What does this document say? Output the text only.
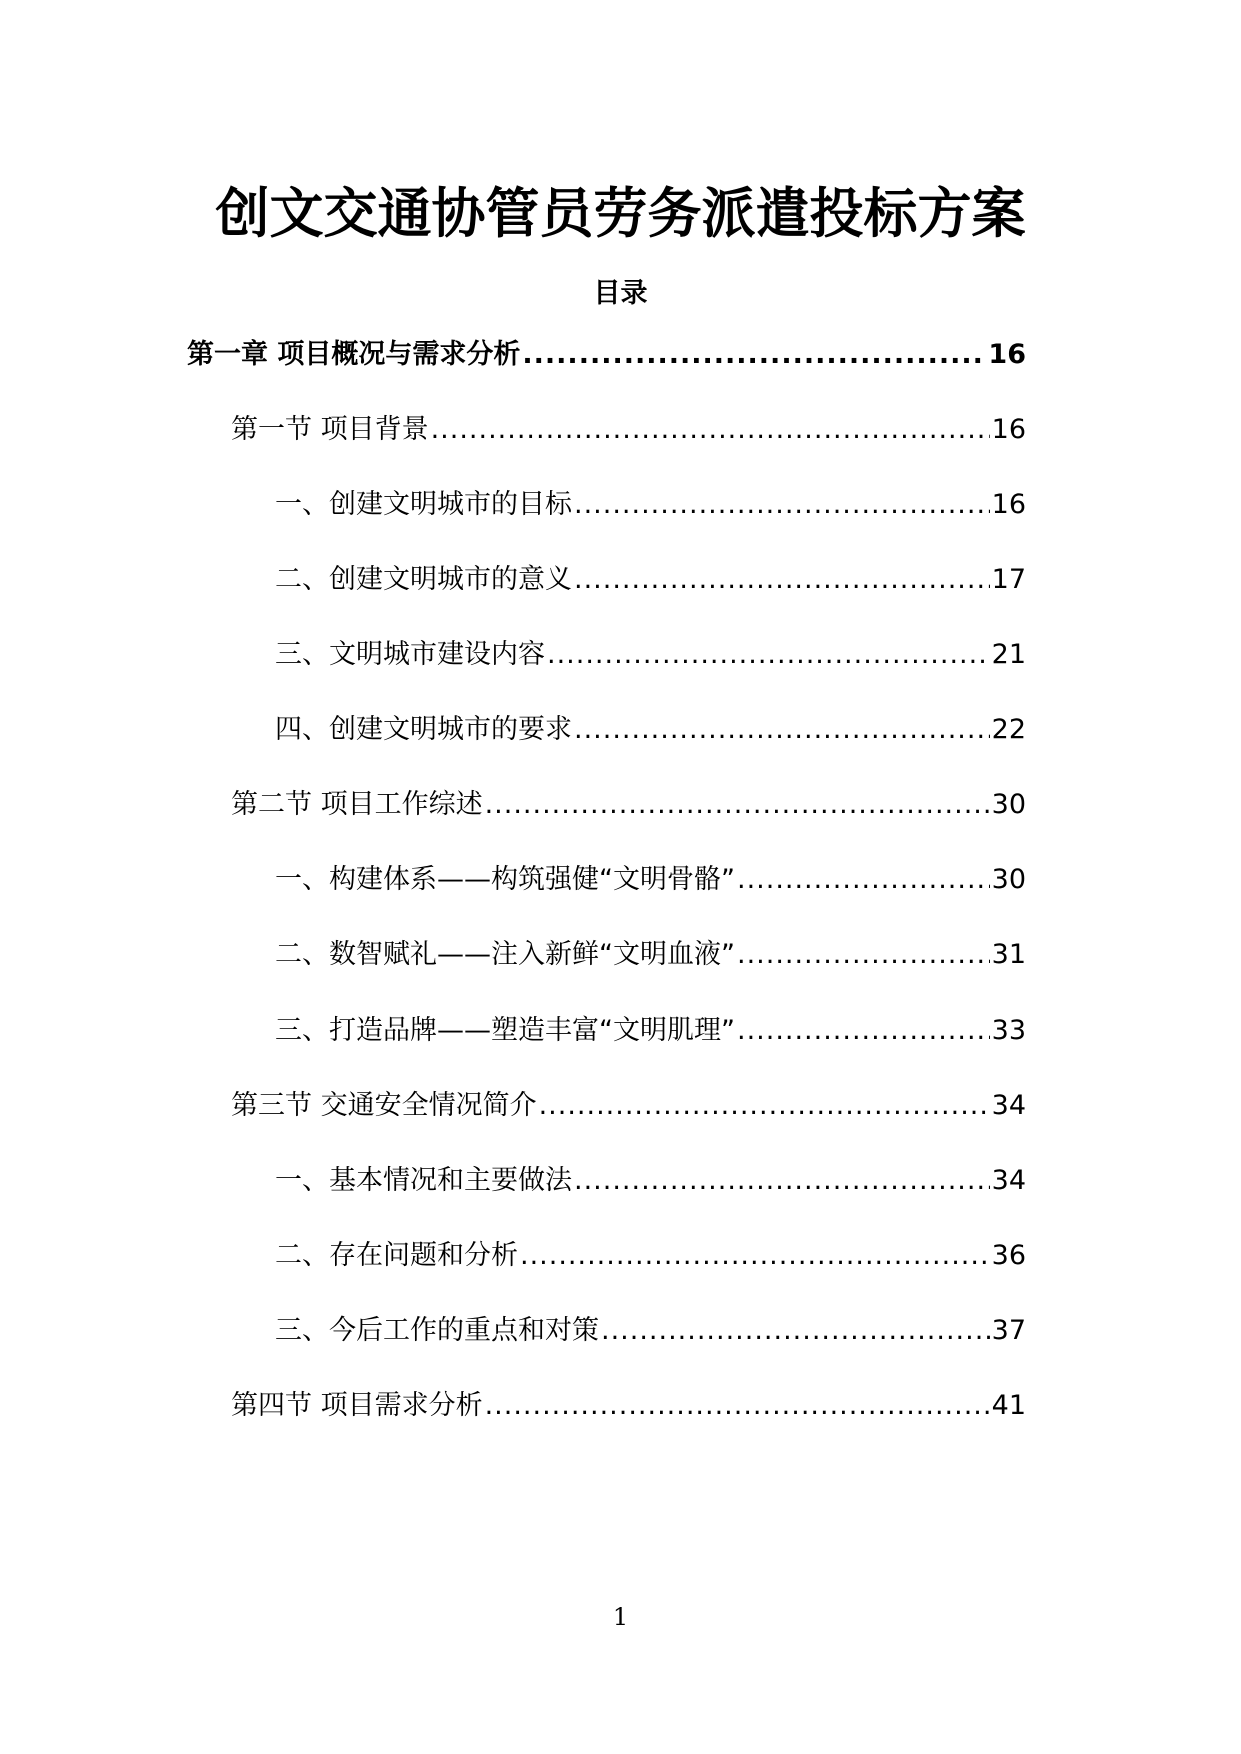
创文交通协管员劳务派遣投标方案
目录
第一章 项目概况与需求分析 .....	16
第一节 项目背景 .....	16
一、创建文明城市的目标 .....	16
二、创建文明城市的意义 .....	17
三、文明城市建设内容 .....	21
四、创建文明城市的要求 .....	22
第二节 项目工作综述 .....	30
一、构建体系——构筑强健“文明骨骼” .....	30
二、数智赋礼——注入新鲜“文明血液” .....	31
三、打造品牌——塑造丰富“文明肌理” .....	33
第三节 交通安全情况简介 .....	34
一、基本情况和主要做法 .....	34
二、存在问题和分析 .....	36
三、今后工作的重点和对策 .....	37
第四节 项目需求分析 .....	41
1
